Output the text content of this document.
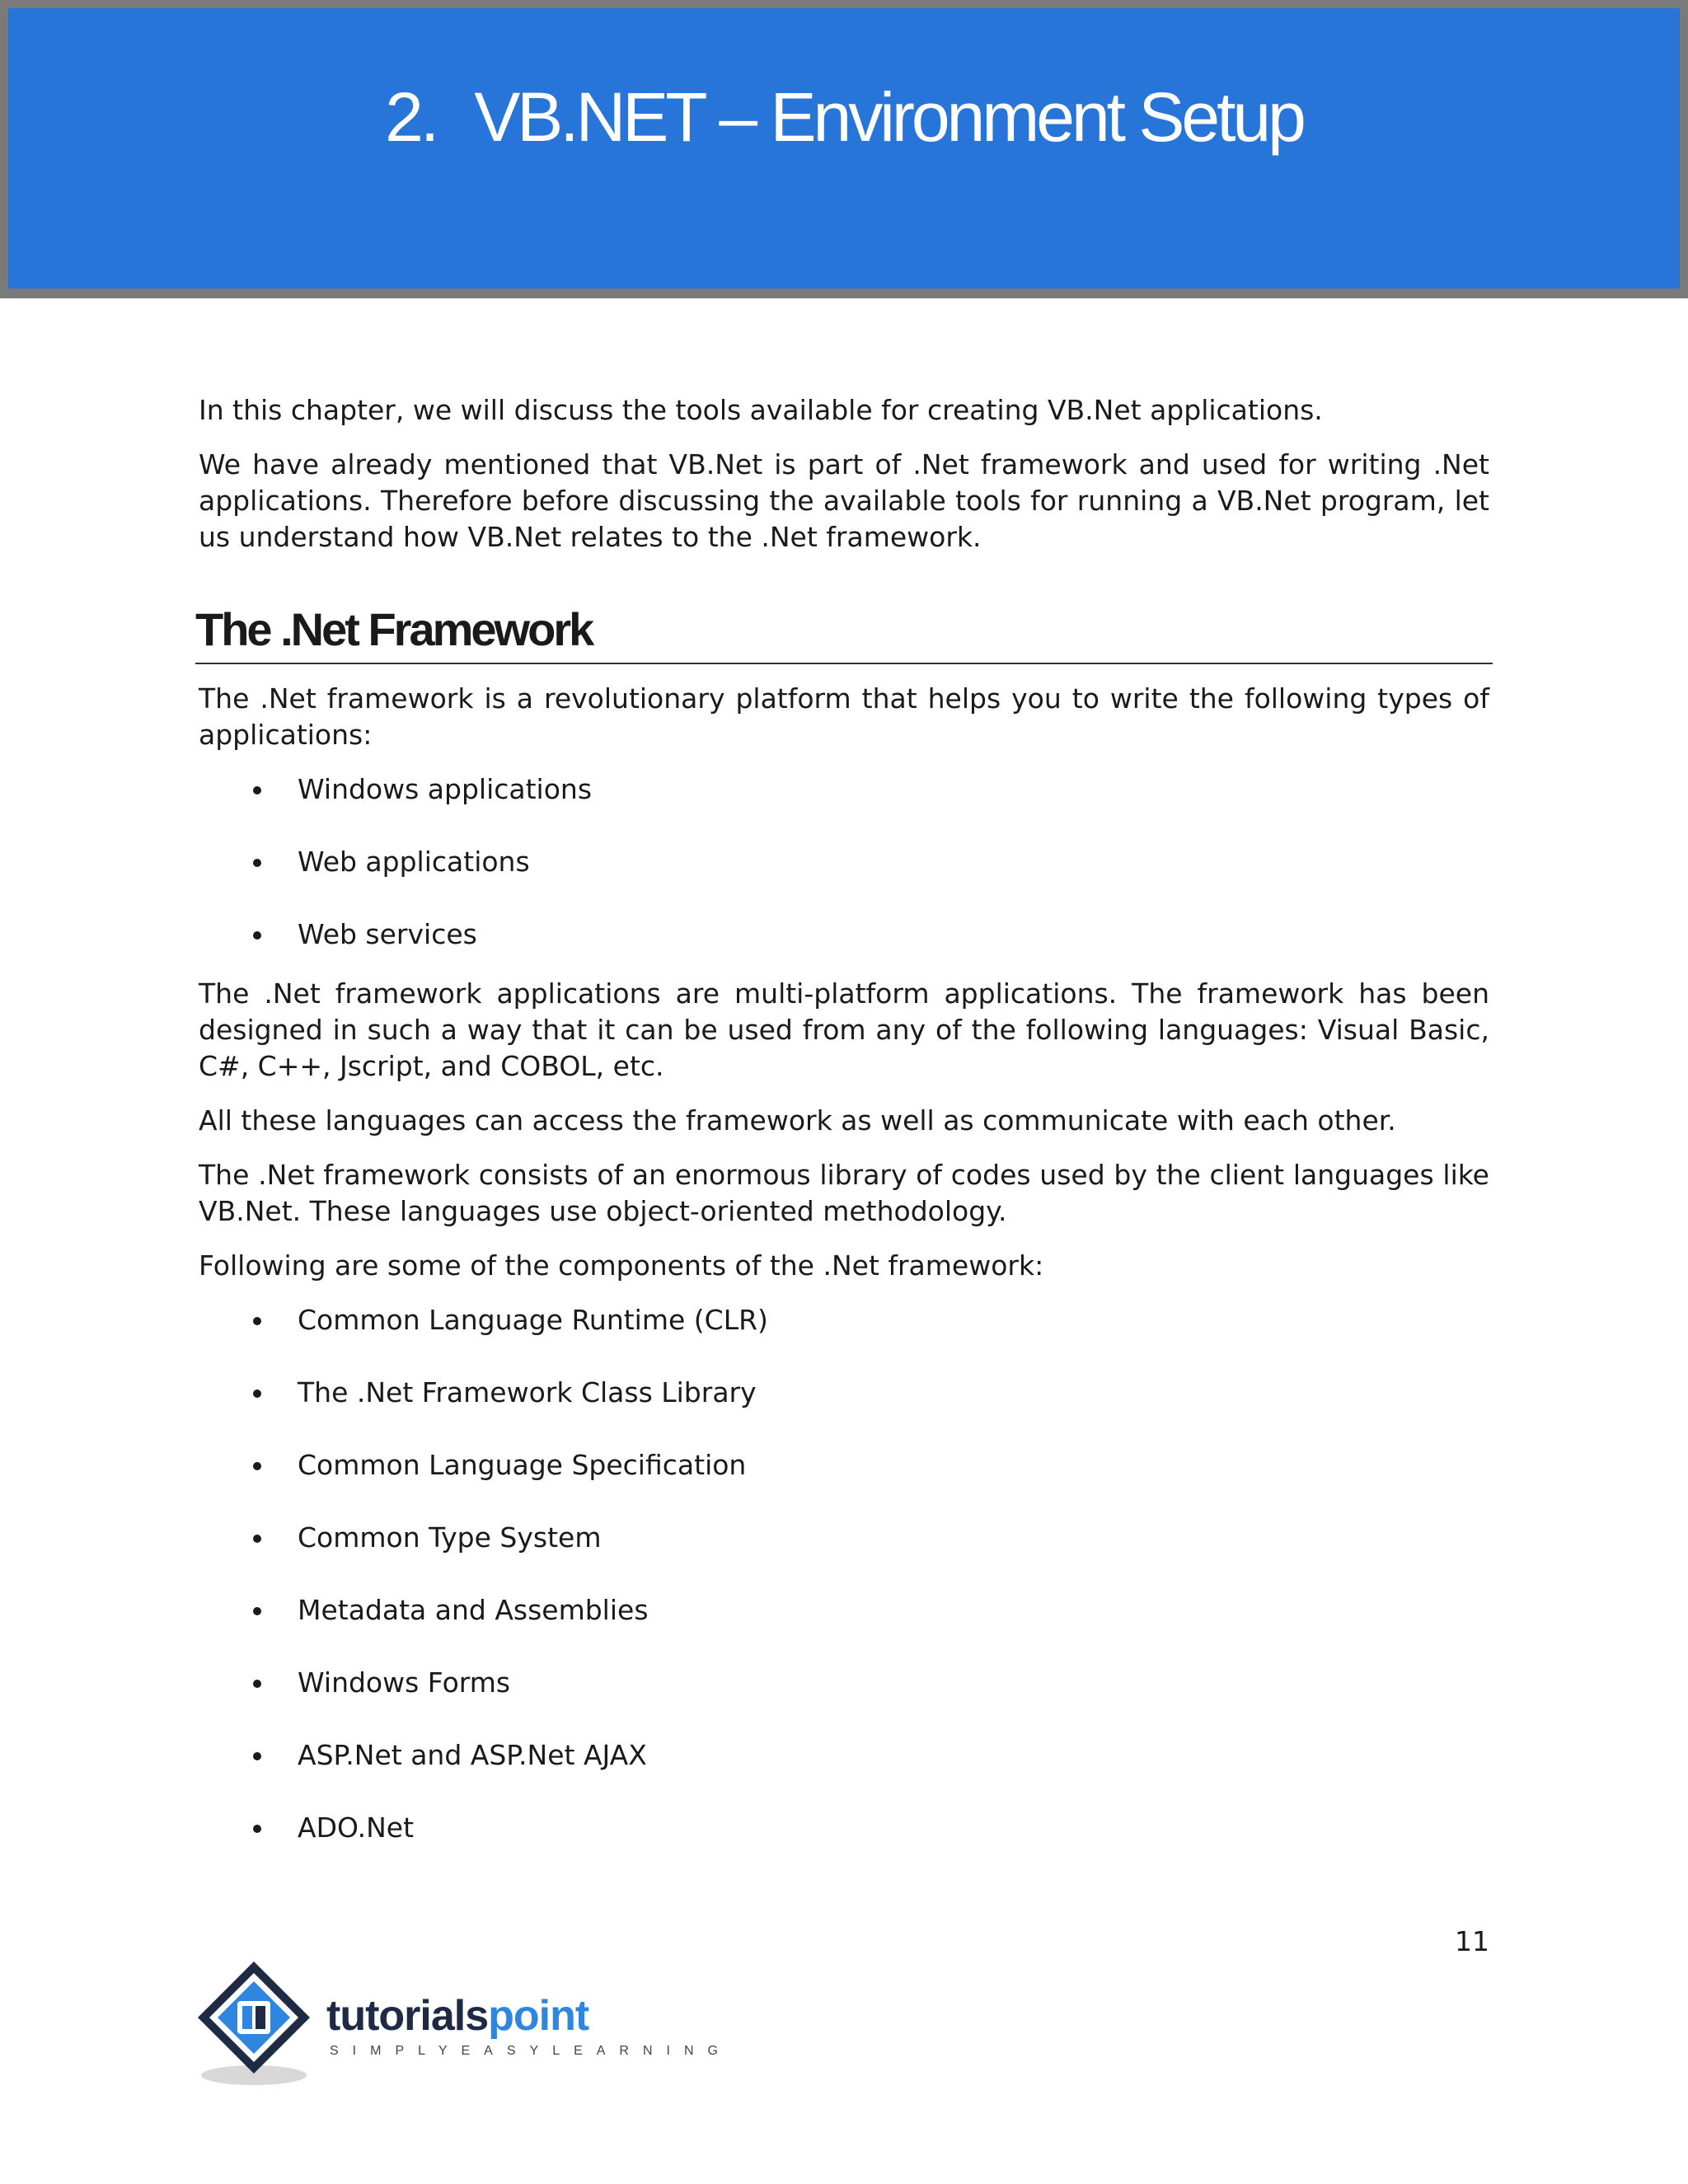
2. VB.NET – Environment Setup

In this chapter, we will discuss the tools available for creating VB.Net applications.

We have already mentioned that VB.Net is part of .Net framework and used for writing .Net applications. Therefore before discussing the available tools for running a VB.Net program, let us understand how VB.Net relates to the .Net framework.

The .Net Framework

The .Net framework is a revolutionary platform that helps you to write the following types of applications:

Windows applications
Web applications
Web services

The .Net framework applications are multi-platform applications. The framework has been designed in such a way that it can be used from any of the following languages: Visual Basic, C#, C++, Jscript, and COBOL, etc.

All these languages can access the framework as well as communicate with each other.

The .Net framework consists of an enormous library of codes used by the client languages like VB.Net. These languages use object-oriented methodology.

Following are some of the components of the .Net framework:

Common Language Runtime (CLR)
The .Net Framework Class Library
Common Language Specification
Common Type System
Metadata and Assemblies
Windows Forms
ASP.Net and ASP.Net AJAX
ADO.Net
11
tutorialspoint
SIMPLYEASYLEARNING
